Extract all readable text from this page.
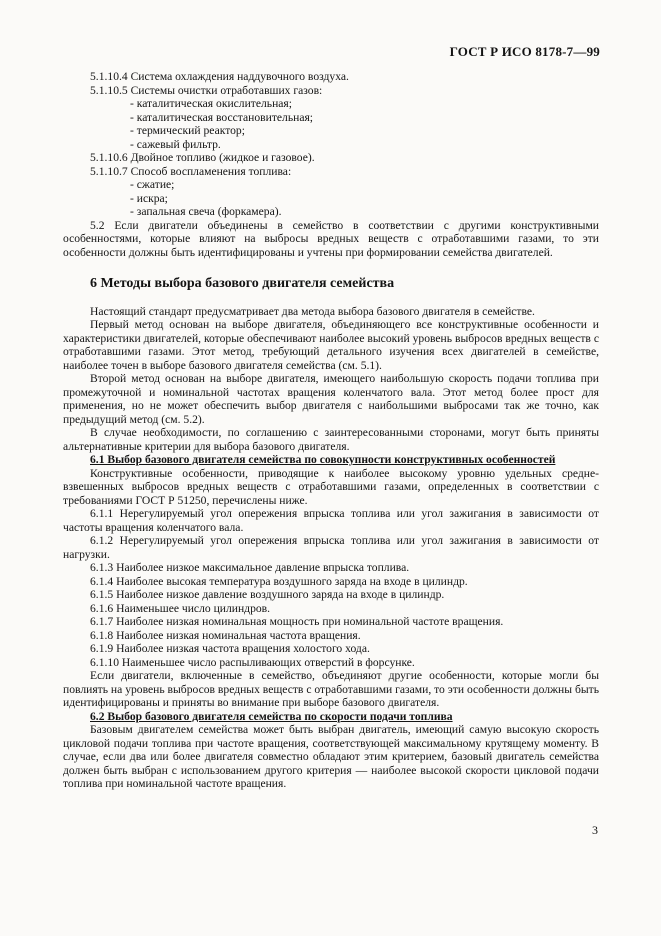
ГОСТ Р ИСО 8178-7—99
5.1.10.4 Система охлаждения наддувочного воздуха.
5.1.10.5 Системы очистки отработавших газов:
- каталитическая окислительная;
- каталитическая восстановительная;
- термический реактор;
- сажевый фильтр.
5.1.10.6 Двойное топливо (жидкое и газовое).
5.1.10.7 Способ воспламенения топлива:
- сжатие;
- искра;
- запальная свеча (форкамера).
5.2 Если двигатели объединены в семейство в соответствии с другими конструктивными особенностями, которые влияют на выбросы вредных веществ с отработавшими газами, то эти особенности должны быть идентифицированы и учтены при формировании семейства двигателей.
6 Методы выбора базового двигателя семейства
Настоящий стандарт предусматривает два метода выбора базового двигателя в семействе.
Первый метод основан на выборе двигателя, объединяющего все конструктивные особенности и характеристики двигателей, которые обеспечивают наиболее высокий уровень выбросов вредных веществ с отработавшими газами. Этот метод, требующий детального изучения всех двигателей в семействе, наиболее точен в выборе базового двигателя семейства (см. 5.1).
Второй метод основан на выборе двигателя, имеющего наибольшую скорость подачи топлива при промежуточной и номинальной частотах вращения коленчатого вала. Этот метод более прост для применения, но не может обеспечить выбор двигателя с наибольшими выбросами так же точно, как предыдущий метод (см. 5.2).
В случае необходимости, по соглашению с заинтересованными сторонами, могут быть приняты альтернативные критерии для выбора базового двигателя.
6.1 Выбор базового двигателя семейства по совокупности конструктивных особенностей
Конструктивные особенности, приводящие к наиболее высокому уровню удельных средне-взвешенных выбросов вредных веществ с отработавшими газами, определенных в соответствии с требованиями ГОСТ Р 51250, перечислены ниже.
6.1.1 Нерегулируемый угол опережения впрыска топлива или угол зажигания в зависимости от частоты вращения коленчатого вала.
6.1.2 Нерегулируемый угол опережения впрыска топлива или угол зажигания в зависимости от нагрузки.
6.1.3 Наиболее низкое максимальное давление впрыска топлива.
6.1.4 Наиболее высокая температура воздушного заряда на входе в цилиндр.
6.1.5 Наиболее низкое давление воздушного заряда на входе в цилиндр.
6.1.6 Наименьшее число цилиндров.
6.1.7 Наиболее низкая номинальная мощность при номинальной частоте вращения.
6.1.8 Наиболее низкая номинальная частота вращения.
6.1.9 Наиболее низкая частота вращения холостого хода.
6.1.10 Наименьшее число распыливающих отверстий в форсунке.
Если двигатели, включенные в семейство, объединяют другие особенности, которые могли бы повлиять на уровень выбросов вредных веществ с отработавшими газами, то эти особенности должны быть идентифицированы и приняты во внимание при выборе базового двигателя.
6.2 Выбор базового двигателя семейства по скорости подачи топлива
Базовым двигателем семейства может быть выбран двигатель, имеющий самую высокую скорость цикловой подачи топлива при частоте вращения, соответствующей максимальному крутящему моменту. В случае, если два или более двигателя совместно обладают этим критерием, базовый двигатель семейства должен быть выбран с использованием другого критерия — наиболее высокой скорости цикловой подачи топлива при номинальной частоте вращения.
3
